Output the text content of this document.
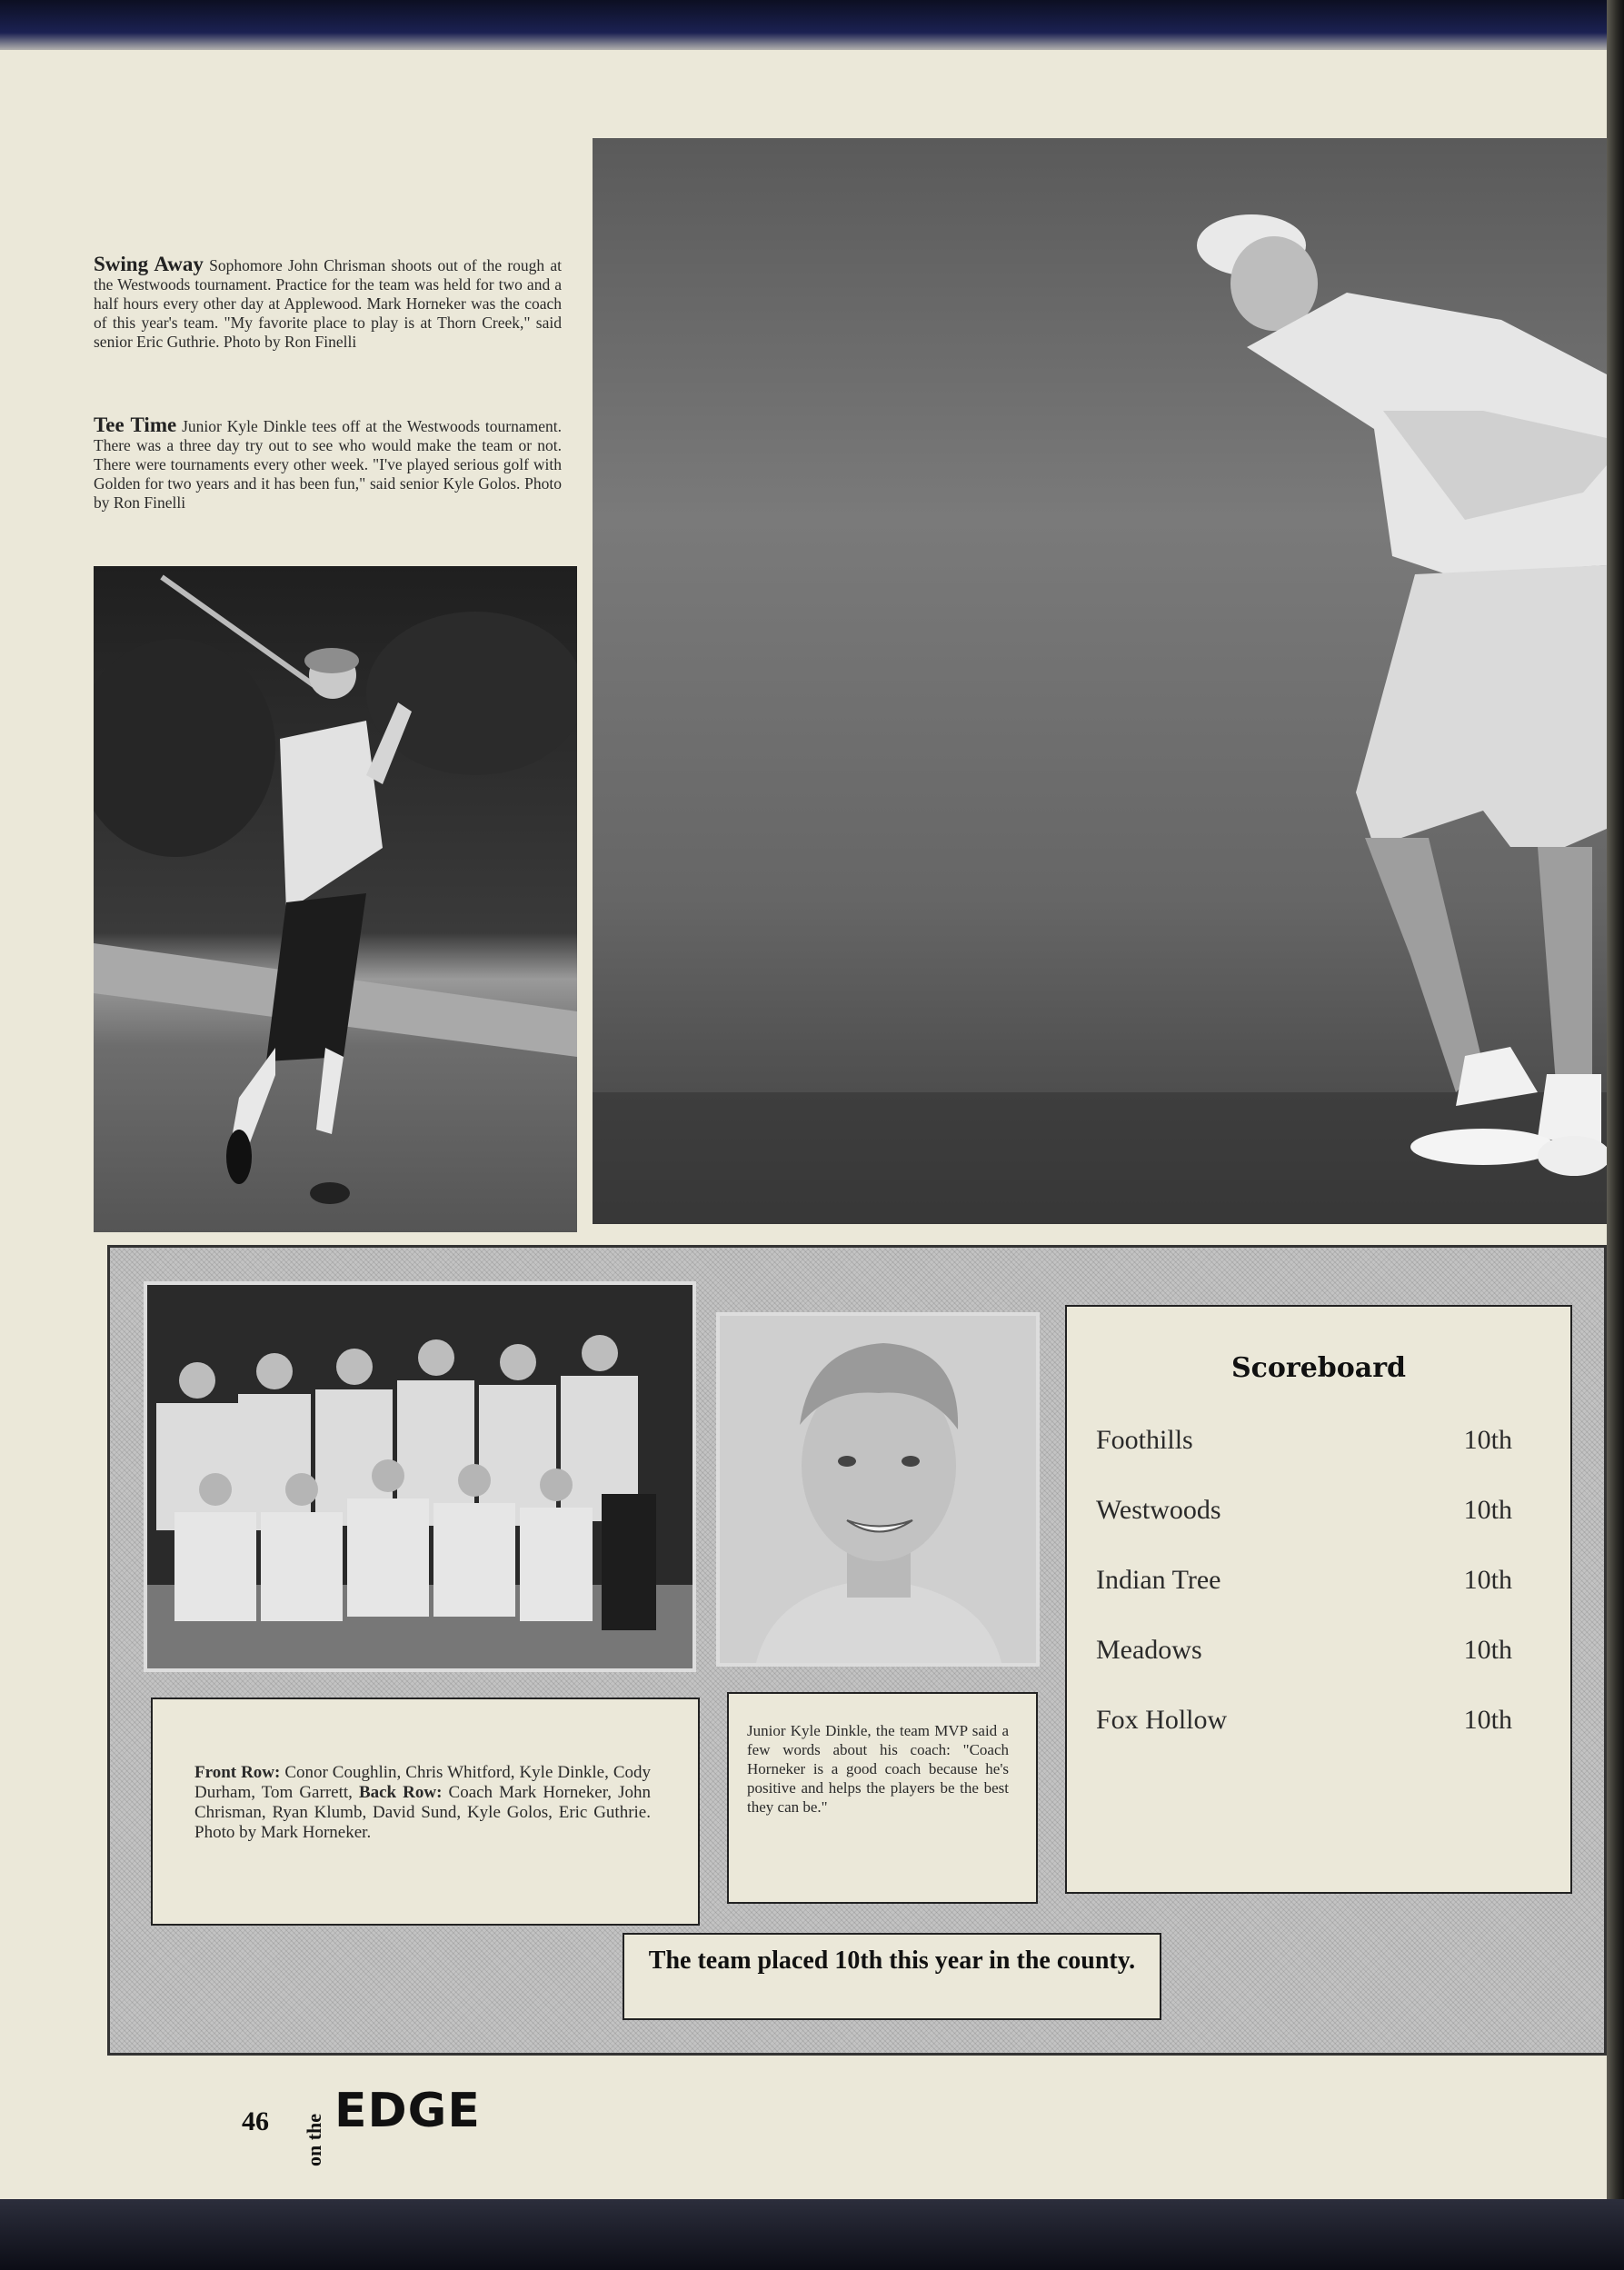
Swing Away Sophomore John Chrisman shoots out of the rough at the Westwoods tournament. Practice for the team was held for two and a half hours every other day at Applewood. Mark Horneker was the coach of this year's team. "My favorite place to play is at Thorn Creek," said senior Eric Guthrie. Photo by Ron Finelli
Tee Time Junior Kyle Dinkle tees off at the Westwoods tournament. There was a three day try out to see who would make the team or not. There were tournaments every other week. "I've played serious golf with Golden for two years and it has been fun," said senior Kyle Golos. Photo by Ron Finelli
Scoreboard
Foothills	10th
Westwoods	10th
Indian Tree	10th
Meadows	10th
Fox Hollow	10th
Front Row: Conor Coughlin, Chris Whitford, Kyle Dinkle, Cody Durham, Tom Garrett, Back Row: Coach Mark Horneker, John Chrisman, Ryan Klumb, David Sund, Kyle Golos, Eric Guthrie. Photo by Mark Horneker.
Junior Kyle Dinkle, the team MVP said a few words about his coach: "Coach Horneker is a good coach because he's positive and helps the players be the best they can be."
The team placed 10th this year in the county.
46 on the
EDGE
